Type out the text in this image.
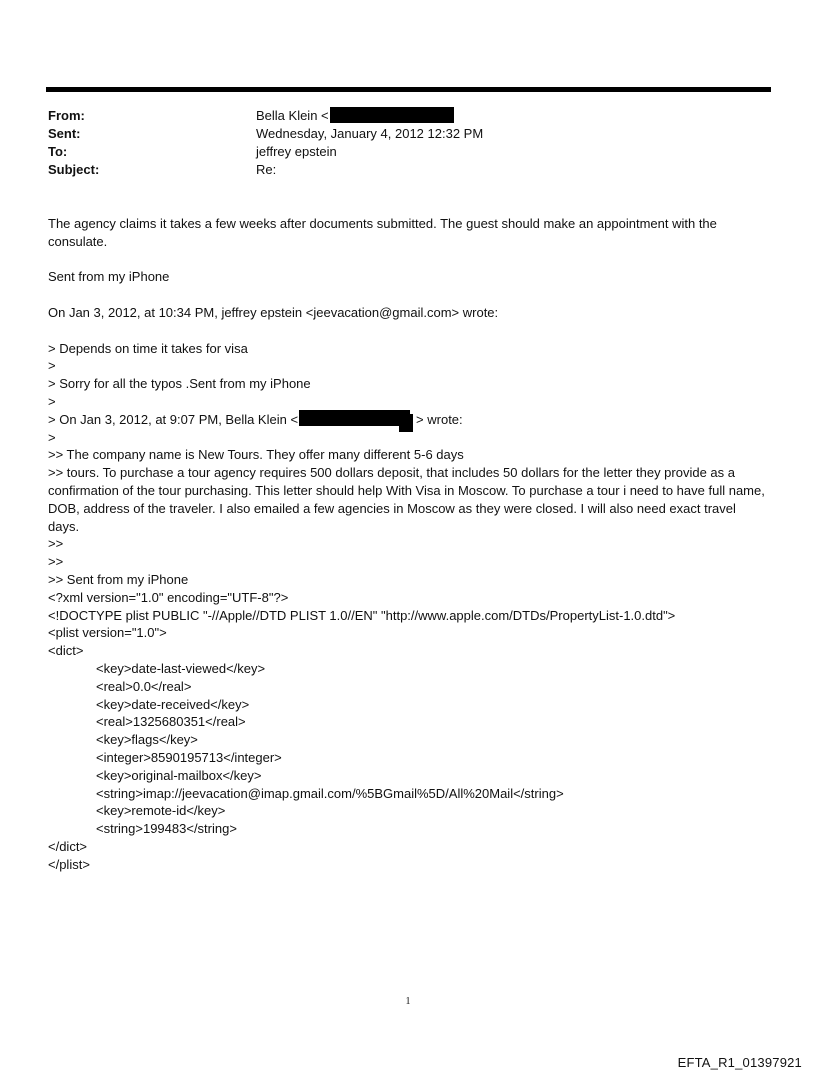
From:	Bella Klein <
Sent:	Wednesday, January 4, 2012 12:32 PM
To:	jeffrey epstein
Subject:	Re:

The agency claims it takes a few weeks after documents submitted. The guest should make an appointment with the consulate.

Sent from my iPhone

On Jan 3, 2012, at 10:34 PM, jeffrey epstein <jeevacation@gmail.com> wrote:

> Depends on time it takes for visa

>

> Sorry for all the typos .Sent from my iPhone

>

> On Jan 3, 2012, at 9:07 PM, Bella Klein <	> wrote:

>

>> The company name is New Tours. They offer many different 5-6 days

>> tours. To purchase a tour agency requires 500 dollars deposit, that includes 50 dollars for the letter they provide as a confirmation of the tour purchasing. This letter should help With Visa in Moscow. To purchase a tour i need to have full name, DOB, address of the traveler. I also emailed a few agencies in Moscow as they were closed. I will also need exact travel days.

>>

>>

>> Sent from my iPhone

<?xml version="1.0" encoding="UTF-8"?>

<!DOCTYPE plist PUBLIC "-//Apple//DTD PLIST 1.0//EN" "http://www.apple.com/DTDs/PropertyList-1.0.dtd">

<plist version="1.0">

<dict>

<key>date-last-viewed</key>

<real>0.0</real>

<key>date-received</key>

<real>1325680351</real>

<key>flags</key>

<integer>8590195713</integer>

<key>original-mailbox</key>

<string>imap://jeevacation@imap.gmail.com/%5BGmail%5D/All%20Mail</string>

<key>remote-id</key>

<string>199483</string>

</dict>

</plist>

1
EFTA_R1_01397921
